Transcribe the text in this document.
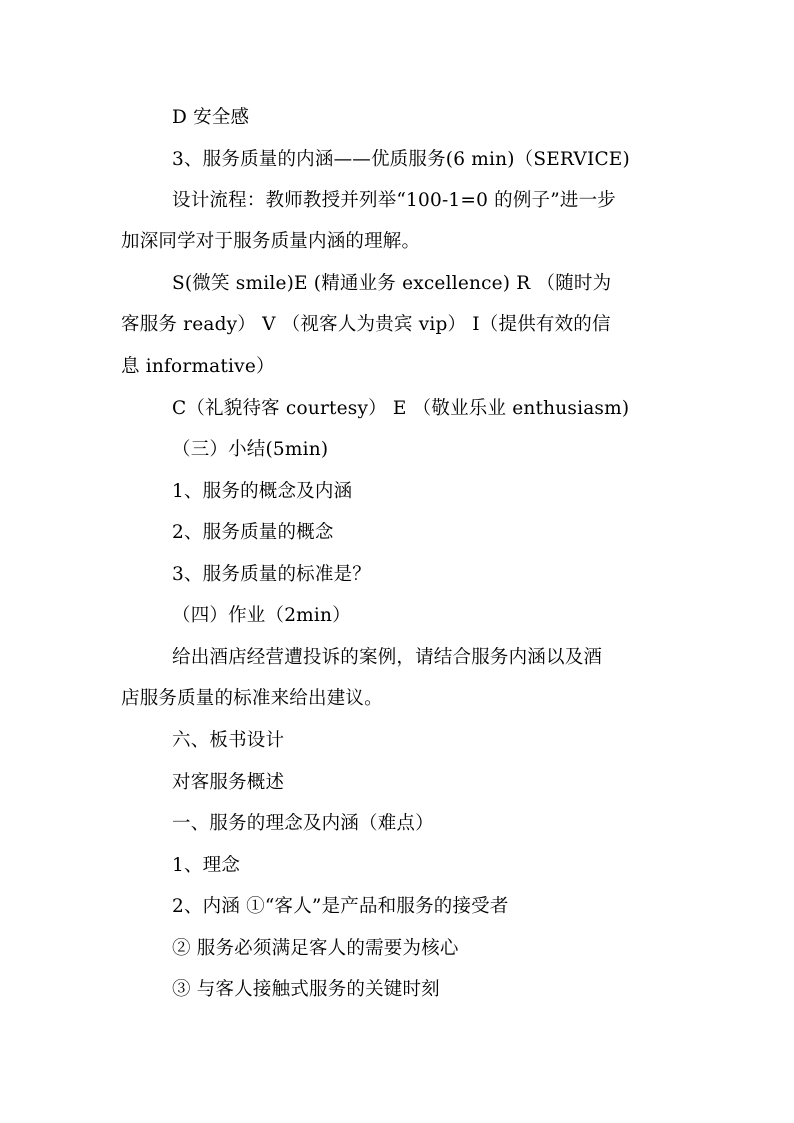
D 安全感
3、服务质量的内涵——优质服务(6 min)（SERVICE)
设计流程：教师教授并列举“100-1=0 的例子”进一步
加深同学对于服务质量内涵的理解。
S(微笑 smile)E (精通业务 excellence) R （随时为
客服务 ready） V （视客人为贵宾 vip） I（提供有效的信
息 informative）
C（礼貌待客 courtesy） E （敬业乐业 enthusiasm)
（三）小结(5min)
1、服务的概念及内涵
2、服务质量的概念
3、服务质量的标准是？
（四）作业（2min）
给出酒店经营遭投诉的案例，请结合服务内涵以及酒
店服务质量的标准来给出建议。
六、板书设计
对客服务概述
一、服务的理念及内涵（难点）
1、理念
2、内涵 ①“客人”是产品和服务的接受者
② 服务必须满足客人的需要为核心
③ 与客人接触式服务的关键时刻
